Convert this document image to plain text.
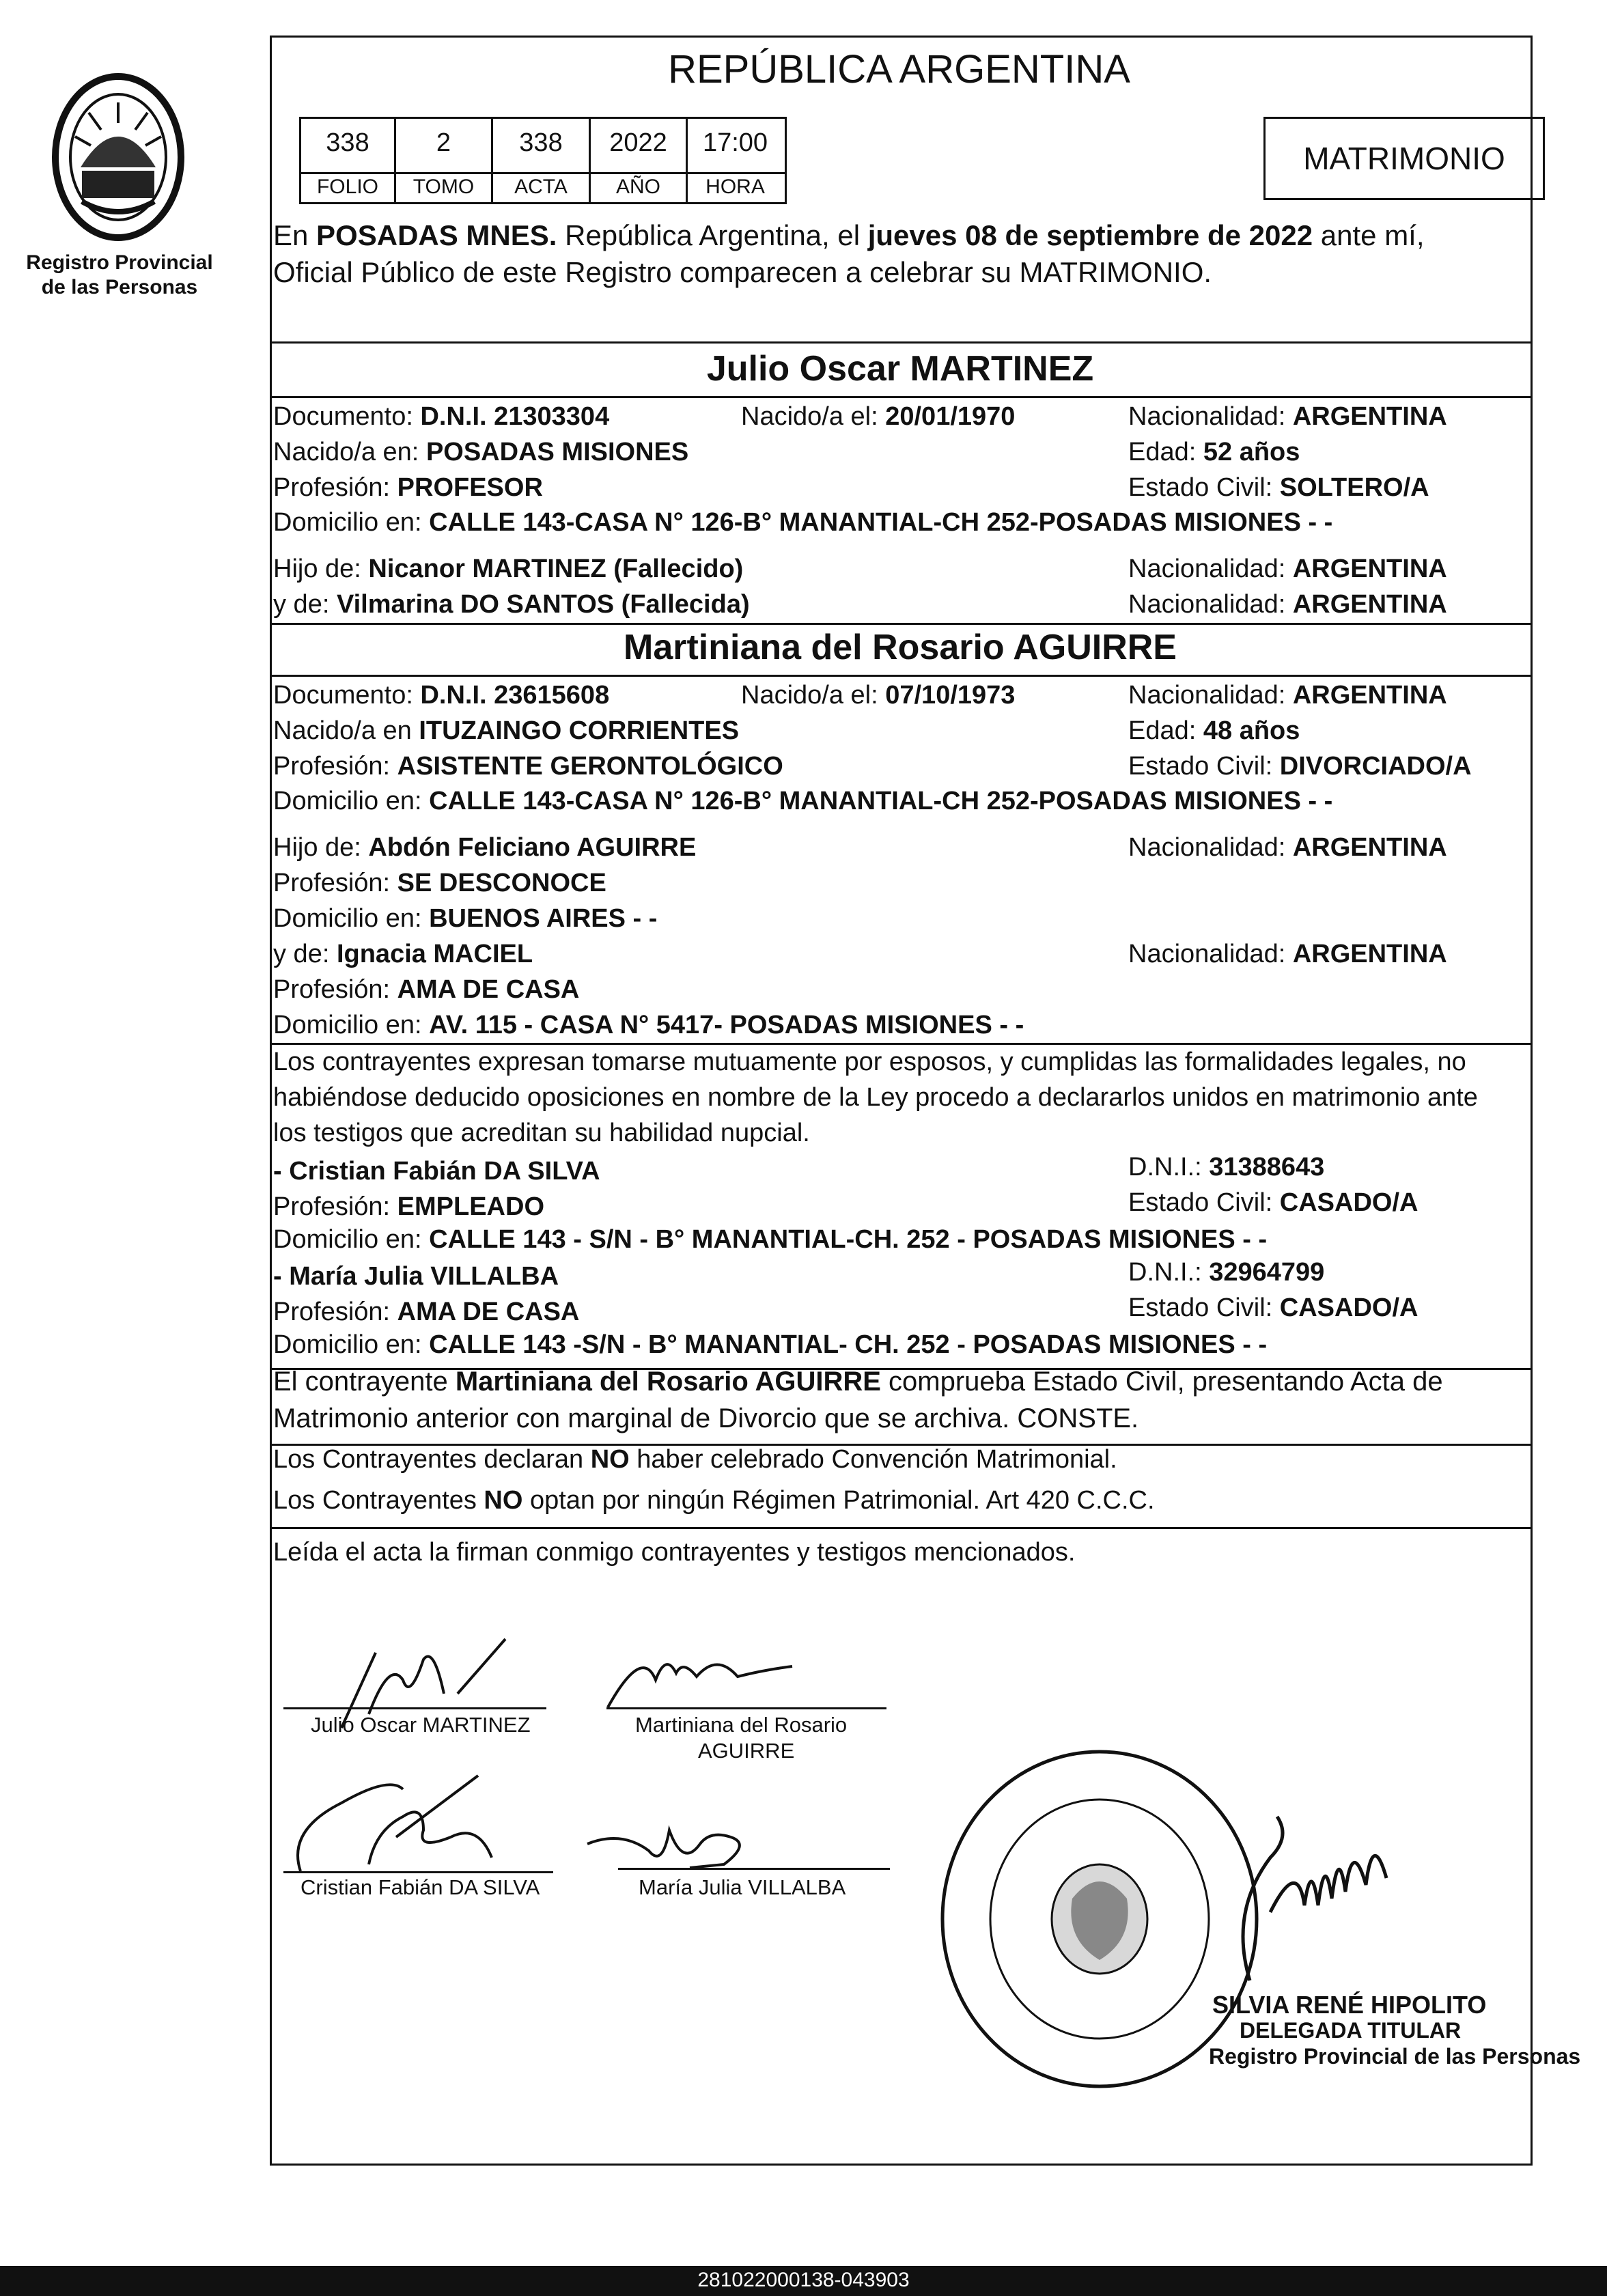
Registro Provincial
de las Personas
REPÚBLICA ARGENTINA
338	2	338	2022	17:00
FOLIO	TOMO	ACTA	AÑO	HORA
MATRIMONIO
En POSADAS MNES. República Argentina, el jueves 08 de septiembre de 2022 ante mí,
Oficial Público de este Registro comparecen a celebrar su MATRIMONIO.
Julio Oscar MARTINEZ
Documento: D.N.I. 21303304	Nacido/a el: 20/01/1970	Nacionalidad: ARGENTINA
Nacido/a en: POSADAS MISIONES	Edad: 52 años
Profesión: PROFESOR	Estado Civil: SOLTERO/A
Domicilio en: CALLE 143-CASA N° 126-B° MANANTIAL-CH 252-POSADAS MISIONES - -
Hijo de: Nicanor MARTINEZ (Fallecido)	Nacionalidad: ARGENTINA
y de: Vilmarina DO SANTOS (Fallecida)	Nacionalidad: ARGENTINA
Martiniana del Rosario AGUIRRE
Documento: D.N.I. 23615608	Nacido/a el: 07/10/1973	Nacionalidad: ARGENTINA
Nacido/a en ITUZAINGO CORRIENTES	Edad: 48 años
Profesión: ASISTENTE GERONTOLÓGICO	Estado Civil: DIVORCIADO/A
Domicilio en: CALLE 143-CASA N° 126-B° MANANTIAL-CH 252-POSADAS MISIONES - -
Hijo de: Abdón Feliciano AGUIRRE	Nacionalidad: ARGENTINA
Profesión: SE DESCONOCE
Domicilio en: BUENOS AIRES - -
y de: Ignacia MACIEL	Nacionalidad: ARGENTINA
Profesión: AMA DE CASA
Domicilio en: AV. 115 - CASA N° 5417- POSADAS MISIONES - -
Los contrayentes expresan tomarse mutuamente por esposos, y cumplidas las formalidades legales, no
habiéndose deducido oposiciones en nombre de la Ley procedo a declararlos unidos en matrimonio ante
los testigos que acreditan su habilidad nupcial.
- Cristian Fabián DA SILVA	D.N.I.: 31388643
Profesión: EMPLEADO	Estado Civil: CASADO/A
Domicilio en: CALLE 143 - S/N - B° MANANTIAL-CH. 252 - POSADAS MISIONES - -
- María Julia VILLALBA	D.N.I.: 32964799
Profesión: AMA DE CASA	Estado Civil: CASADO/A
Domicilio en: CALLE 143 -S/N - B° MANANTIAL- CH. 252 - POSADAS MISIONES - -
El contrayente Martiniana del Rosario AGUIRRE comprueba Estado Civil, presentando Acta de
Matrimonio anterior con marginal de Divorcio que se archiva. CONSTE.
Los Contrayentes declaran NO haber celebrado Convención Matrimonial.
Los Contrayentes NO optan por ningún Régimen Patrimonial. Art 420 C.C.C.
Leída el acta la firman conmigo contrayentes y testigos mencionados.
Julio Oscar MARTINEZ	Martiniana del Rosario
AGUIRRE
Cristian Fabián DA SILVA	María Julia VILLALBA
SILVIA RENÉ HIPOLITO
DELEGADA TITULAR
Registro Provincial de las Personas
281022000138-043903
